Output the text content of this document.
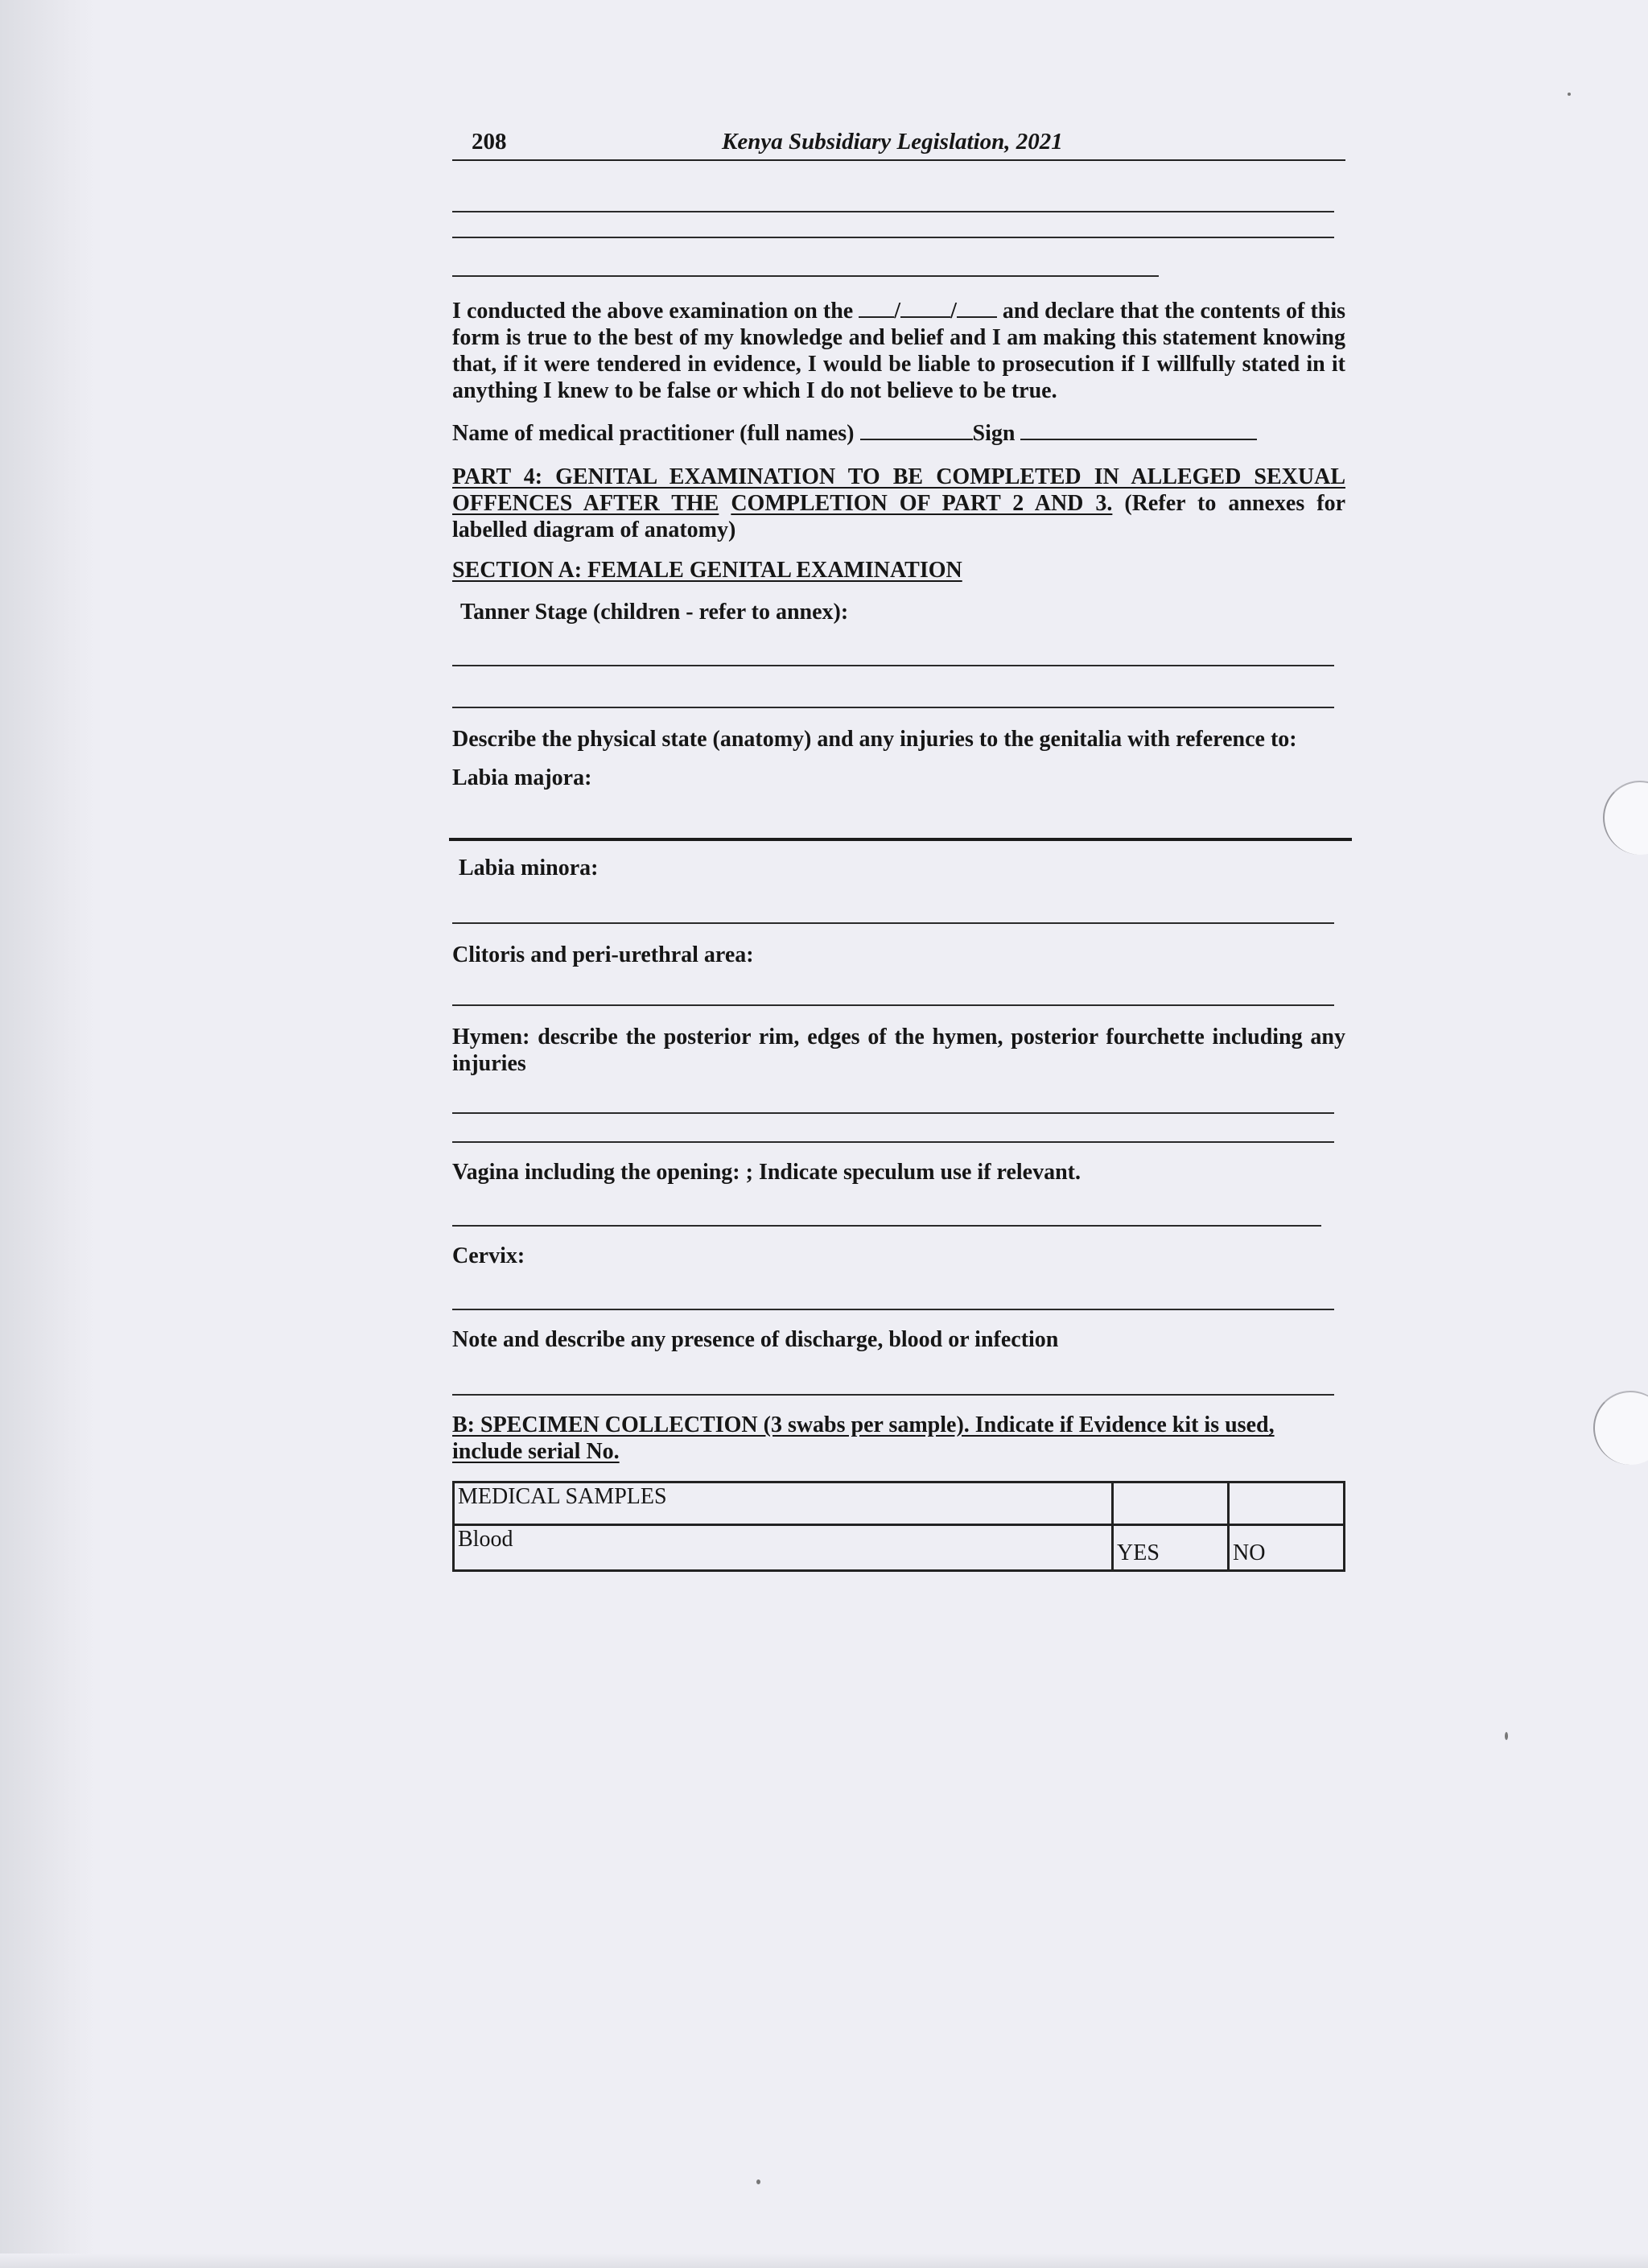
208	Kenya Subsidiary Legislation, 2021
I conducted the above examination on the / / and declare that the contents of this form is true to the best of my knowledge and belief and I am making this statement knowing that, if it were tendered in evidence, I would be liable to prosecution if I willfully stated in it anything I knew to be false or which I do not believe to be true.
Name of medical practitioner (full names)	Sign
PART 4: GENITAL EXAMINATION TO BE COMPLETED IN ALLEGED SEXUAL OFFENCES AFTER THE COMPLETION OF PART 2 AND 3. (Refer to annexes for labelled diagram of anatomy)
SECTION A: FEMALE GENITAL EXAMINATION
Tanner Stage (children - refer to annex):
Describe the physical state (anatomy) and any injuries to the genitalia with reference to:
Labia majora:
Labia minora:
Clitoris and peri-urethral area:
Hymen: describe the posterior rim, edges of the hymen, posterior fourchette including any injuries
Vagina including the opening: ; Indicate speculum use if relevant.
Cervix:
Note and describe any presence of discharge, blood or infection
B: SPECIMEN COLLECTION (3 swabs per sample). Indicate if Evidence kit is used, include serial No.
MEDICAL SAMPLES		
Blood	YES	NO
